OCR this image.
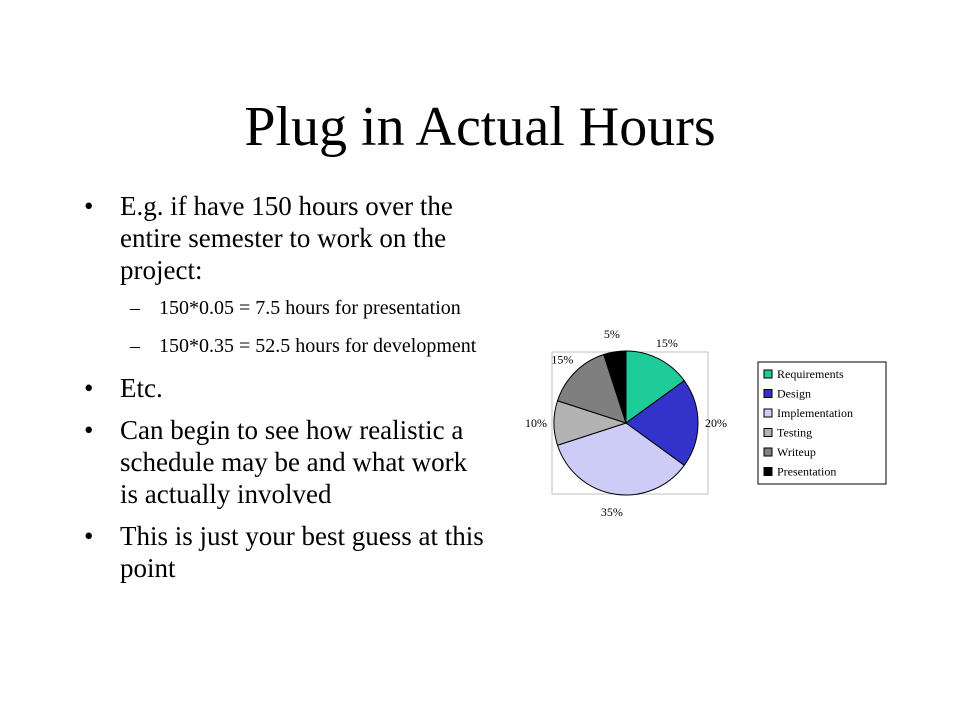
Plug in Actual Hours
• E.g. if have 150 hours over the entire semester to work on the project:
– 150*0.05 = 7.5 hours for presentation
– 150*0.35 = 52.5 hours for development
• Etc.
• Can begin to see how realistic a schedule may be and what work is actually involved
• This is just your best guess at this point
15%
20%
35%
10%
15%
5%
Requirements
Design
Implementation
Testing
Writeup
Presentation
